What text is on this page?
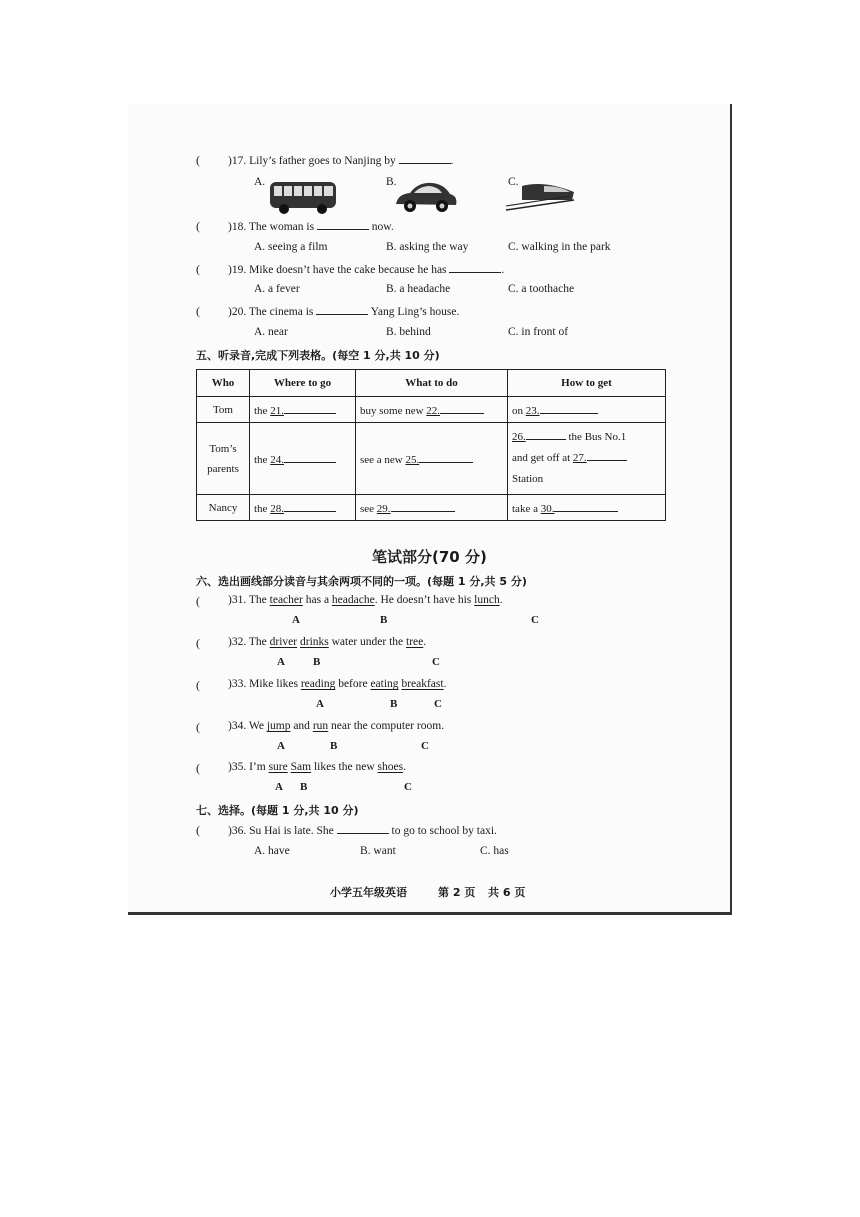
( )17. Lily’s father goes to Nanjing by	.
A.	B.	C.
( )18. The woman is	now.
A. seeing a film	B. asking the way	C. walking in the park
( )19. Mike doesn’t have the cake because he has	.
A. a fever	B. a headache	C. a toothache
( )20. The cinema is	Yang Ling’s house.
A. near	B. behind	C. in front of
五、听录音,完成下列表格。(每空 1 分,共 10 分)
Who	Where to go	What to do	How to get
Tom	the 21.	buy some new 22.	on 23.
Tom’s parents	the 24.	see a new 25.	26. the Bus No.1
and get off at 27.
Station
Nancy	the 28.	see 29.	take a 30.
笔试部分(70 分)
六、选出画线部分读音与其余两项不同的一项。(每题 1 分,共 5 分)
( )31. The teacher has a headache. He doesn’t have his lunch.
A	B	C
( )32. The driver drinks water under the tree.
A	B	C
( )33. Mike likes reading before eating breakfast.
A	B	C
( )34. We jump and run near the computer room.
A	B	C
( )35. I’m sure Sam likes the new shoes.
A B	C
七、选择。(每题 1 分,共 10 分)
( )36. Su Hai is late. She	to go to school by taxi.
A. have	B. want	C. has
小学五年级英语	第 2 页 共 6 页
